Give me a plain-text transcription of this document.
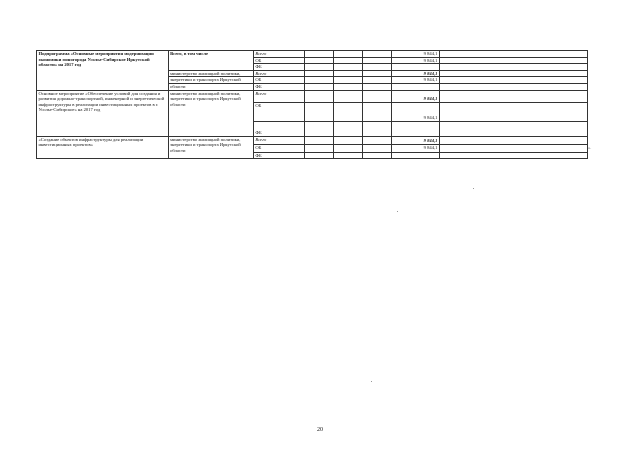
Подпрограмма «Основные мероприятия модернизации экономики моногорода Усолье-Сибирское Иркутской области» на 2017 год	Всего, в том числе	Всего				9 844,1	
		ОБ				9 844,1	
		ФБ					
	министерство жилищной политики,	Всего				9 844,1	
	энергетики и транспорта Иркутской	ОБ				9 844,1	
	области	ФБ					
Основное мероприятие «Обеспечение условий для создания и развития дорожно-транспортной, инженерной и энергетической инфраструктуры в реализации инвестиционных проектов в г. Усолье-Сибирское» на 2017 год	министерство жилищной политики, энергетики и транспорта Иркутской области	Всего				9 844,1	
		ОБ				9 844,1	
		ФБ					
«Создание объектов инфраструктуры для реализации инвестиционных проектов»	министерство жилищной политики, энергетики и транспорта Иркутской области	Всего				9 844,1	
		ОБ				9 844,1	
		ФБ					
».
20
